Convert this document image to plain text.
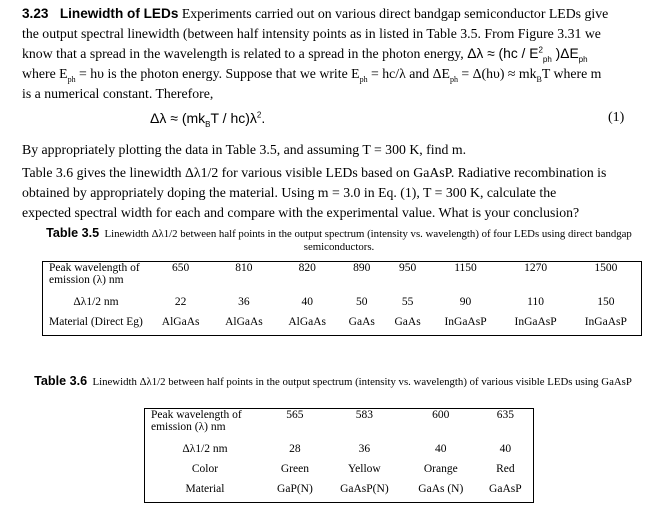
3.23 Linewidth of LEDs Experiments carried out on various direct bandgap semiconductor LEDs give
the output spectral linewidth (between half intensity points as in listed in Table 3.5. From Figure 3.31 we
know that a spread in the wavelength is related to a spread in the photon energy, $\Delta\lambda \approx (hc / E^2_{ph}$ )$\Delta E_{ph}$
where $E_{ph} = h\upsilon$ is the photon energy. Suppose that we write $E_{ph} = hc/\lambda$ and $\Delta E_{ph} = \Delta(h\upsilon) \approx mk_BT$ where m
is a numerical constant. Therefore,
$\Delta\lambda \approx (mk_BT / hc)\lambda^2$.	(1)
By appropriately plotting the data in Table 3.5, and assuming T = 300 K, find m.
Table 3.6 gives the linewidth Δλ1/2 for various visible LEDs based on GaAsP. Radiative recombination is
obtained by appropriately doping the material. Using m = 3.0 in Eq. (1), T = 300 K, calculate the
expected spectral width for each and compare with the experimental value. What is your conclusion?
Table 3.5 Linewidth Δλ1/2 between half points in the output spectrum (intensity vs. wavelength) of four LEDs using direct bandgap semiconductors.
Peak wavelength of emission (λ) nm	650	810	820	890	950	1150	1270	1500
Δλ1/2 nm	22	36	40	50	55	90	110	150
Material (Direct Eg)	AlGaAs	AlGaAs	AlGaAs	GaAs	GaAs	InGaAsP	InGaAsP	InGaAsP
Table 3.6 Linewidth Δλ1/2 between half points in the output spectrum (intensity vs. wavelength) of various visible LEDs using GaAsP
Peak wavelength of emission (λ) nm	565	583	600	635
Δλ1/2 nm	28	36	40	40
Color	Green	Yellow	Orange	Red
Material	GaP(N)	GaAsP(N)	GaAs (N)	GaAsP
